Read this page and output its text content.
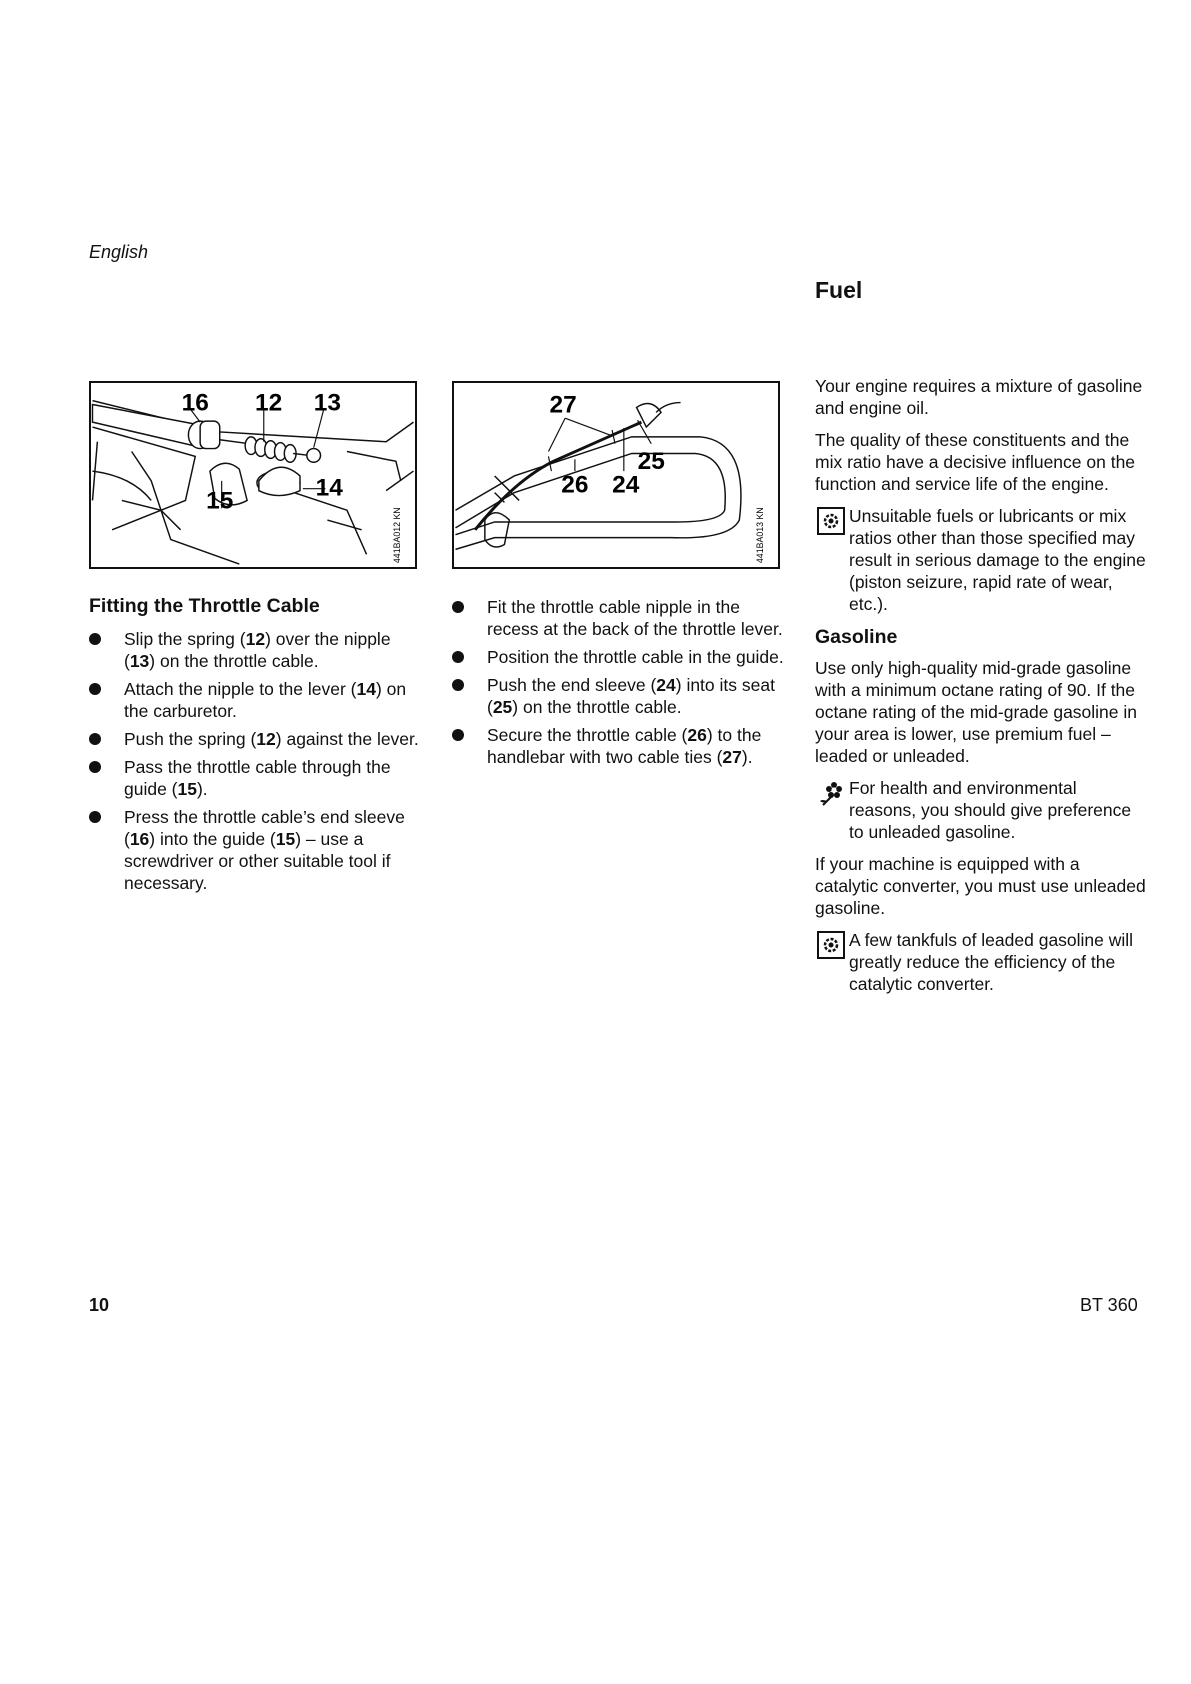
English
Fuel
16 12 13
14
15
441BA012 KN
27
25
26 24
441BA013 KN
Fitting the Throttle Cable
Slip the spring (12) over the nipple (13) on the throttle cable.
Attach the nipple to the lever (14) on the carburetor.
Push the spring (12) against the lever.
Pass the throttle cable through the guide (15).
Press the throttle cable’s end sleeve (16) into the guide (15) – use a screwdriver or other suitable tool if necessary.
Fit the throttle cable nipple in the recess at the back of the throttle lever.
Position the throttle cable in the guide.
Push the end sleeve (24) into its seat (25) on the throttle cable.
Secure the throttle cable (26) to the handlebar with two cable ties (27).

Your engine requires a mixture of gasoline and engine oil.

The quality of these constituents and the mix ratio have a decisive influence on the function and service life of the engine.

Unsuitable fuels or lubricants or mix ratios other than those specified may result in serious damage to the engine (piston seizure, rapid rate of wear, etc.).
Gasoline

Use only high-quality mid-grade gasoline with a minimum octane rating of 90. If the octane rating of the mid-grade gasoline in your area is lower, use premium fuel – leaded or unleaded.

For health and environmental reasons, you should give preference to unleaded gasoline.

If your machine is equipped with a catalytic converter, you must use unleaded gasoline.

A few tankfuls of leaded gasoline will greatly reduce the efficiency of the catalytic converter.
10	BT 360
